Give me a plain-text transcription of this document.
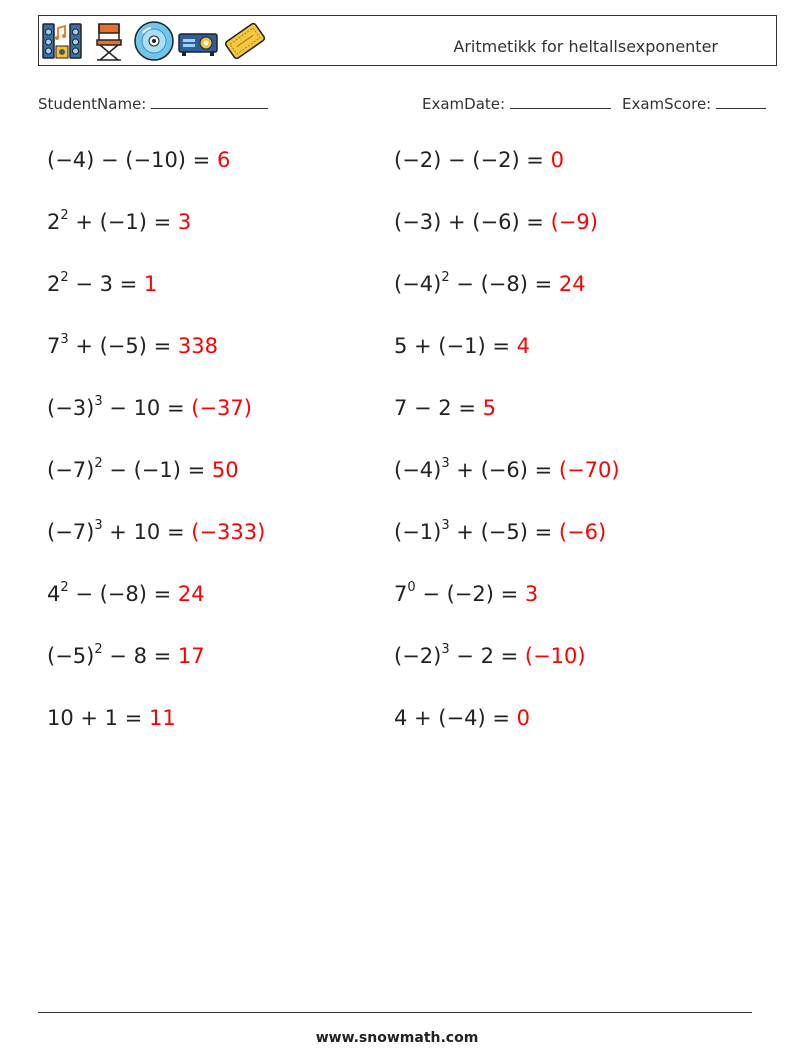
Aritmetikk for heltallsexponenter
StudentName:	ExamDate:	ExamScore:
(−4) − (−10) = 6	(−2) − (−2) = 0
$2^2 + (-1) = 3$	(−3) + (−6) = (−9)
$2^2 - 3 = 1$	$(-4)^2 - (-8) = 24$
$7^3 + (-5) = 338$	5 + (−1) = 4
$(-3)^3 - 10 = (-37)$	7 − 2 = 5
$(-7)^2 - (-1) = 50$	$(-4)^3 + (-6) = (-70)$
$(-7)^3 + 10 = (-333)$	$(-1)^3 + (-5) = (-6)$
$4^2 - (-8) = 24$	$7^0 - (-2) = 3$
$(-5)^2 - 8 = 17$	$(-2)^3 - 2 = (-10)$
10 + 1 = 11	4 + (−4) = 0
www.snowmath.com
